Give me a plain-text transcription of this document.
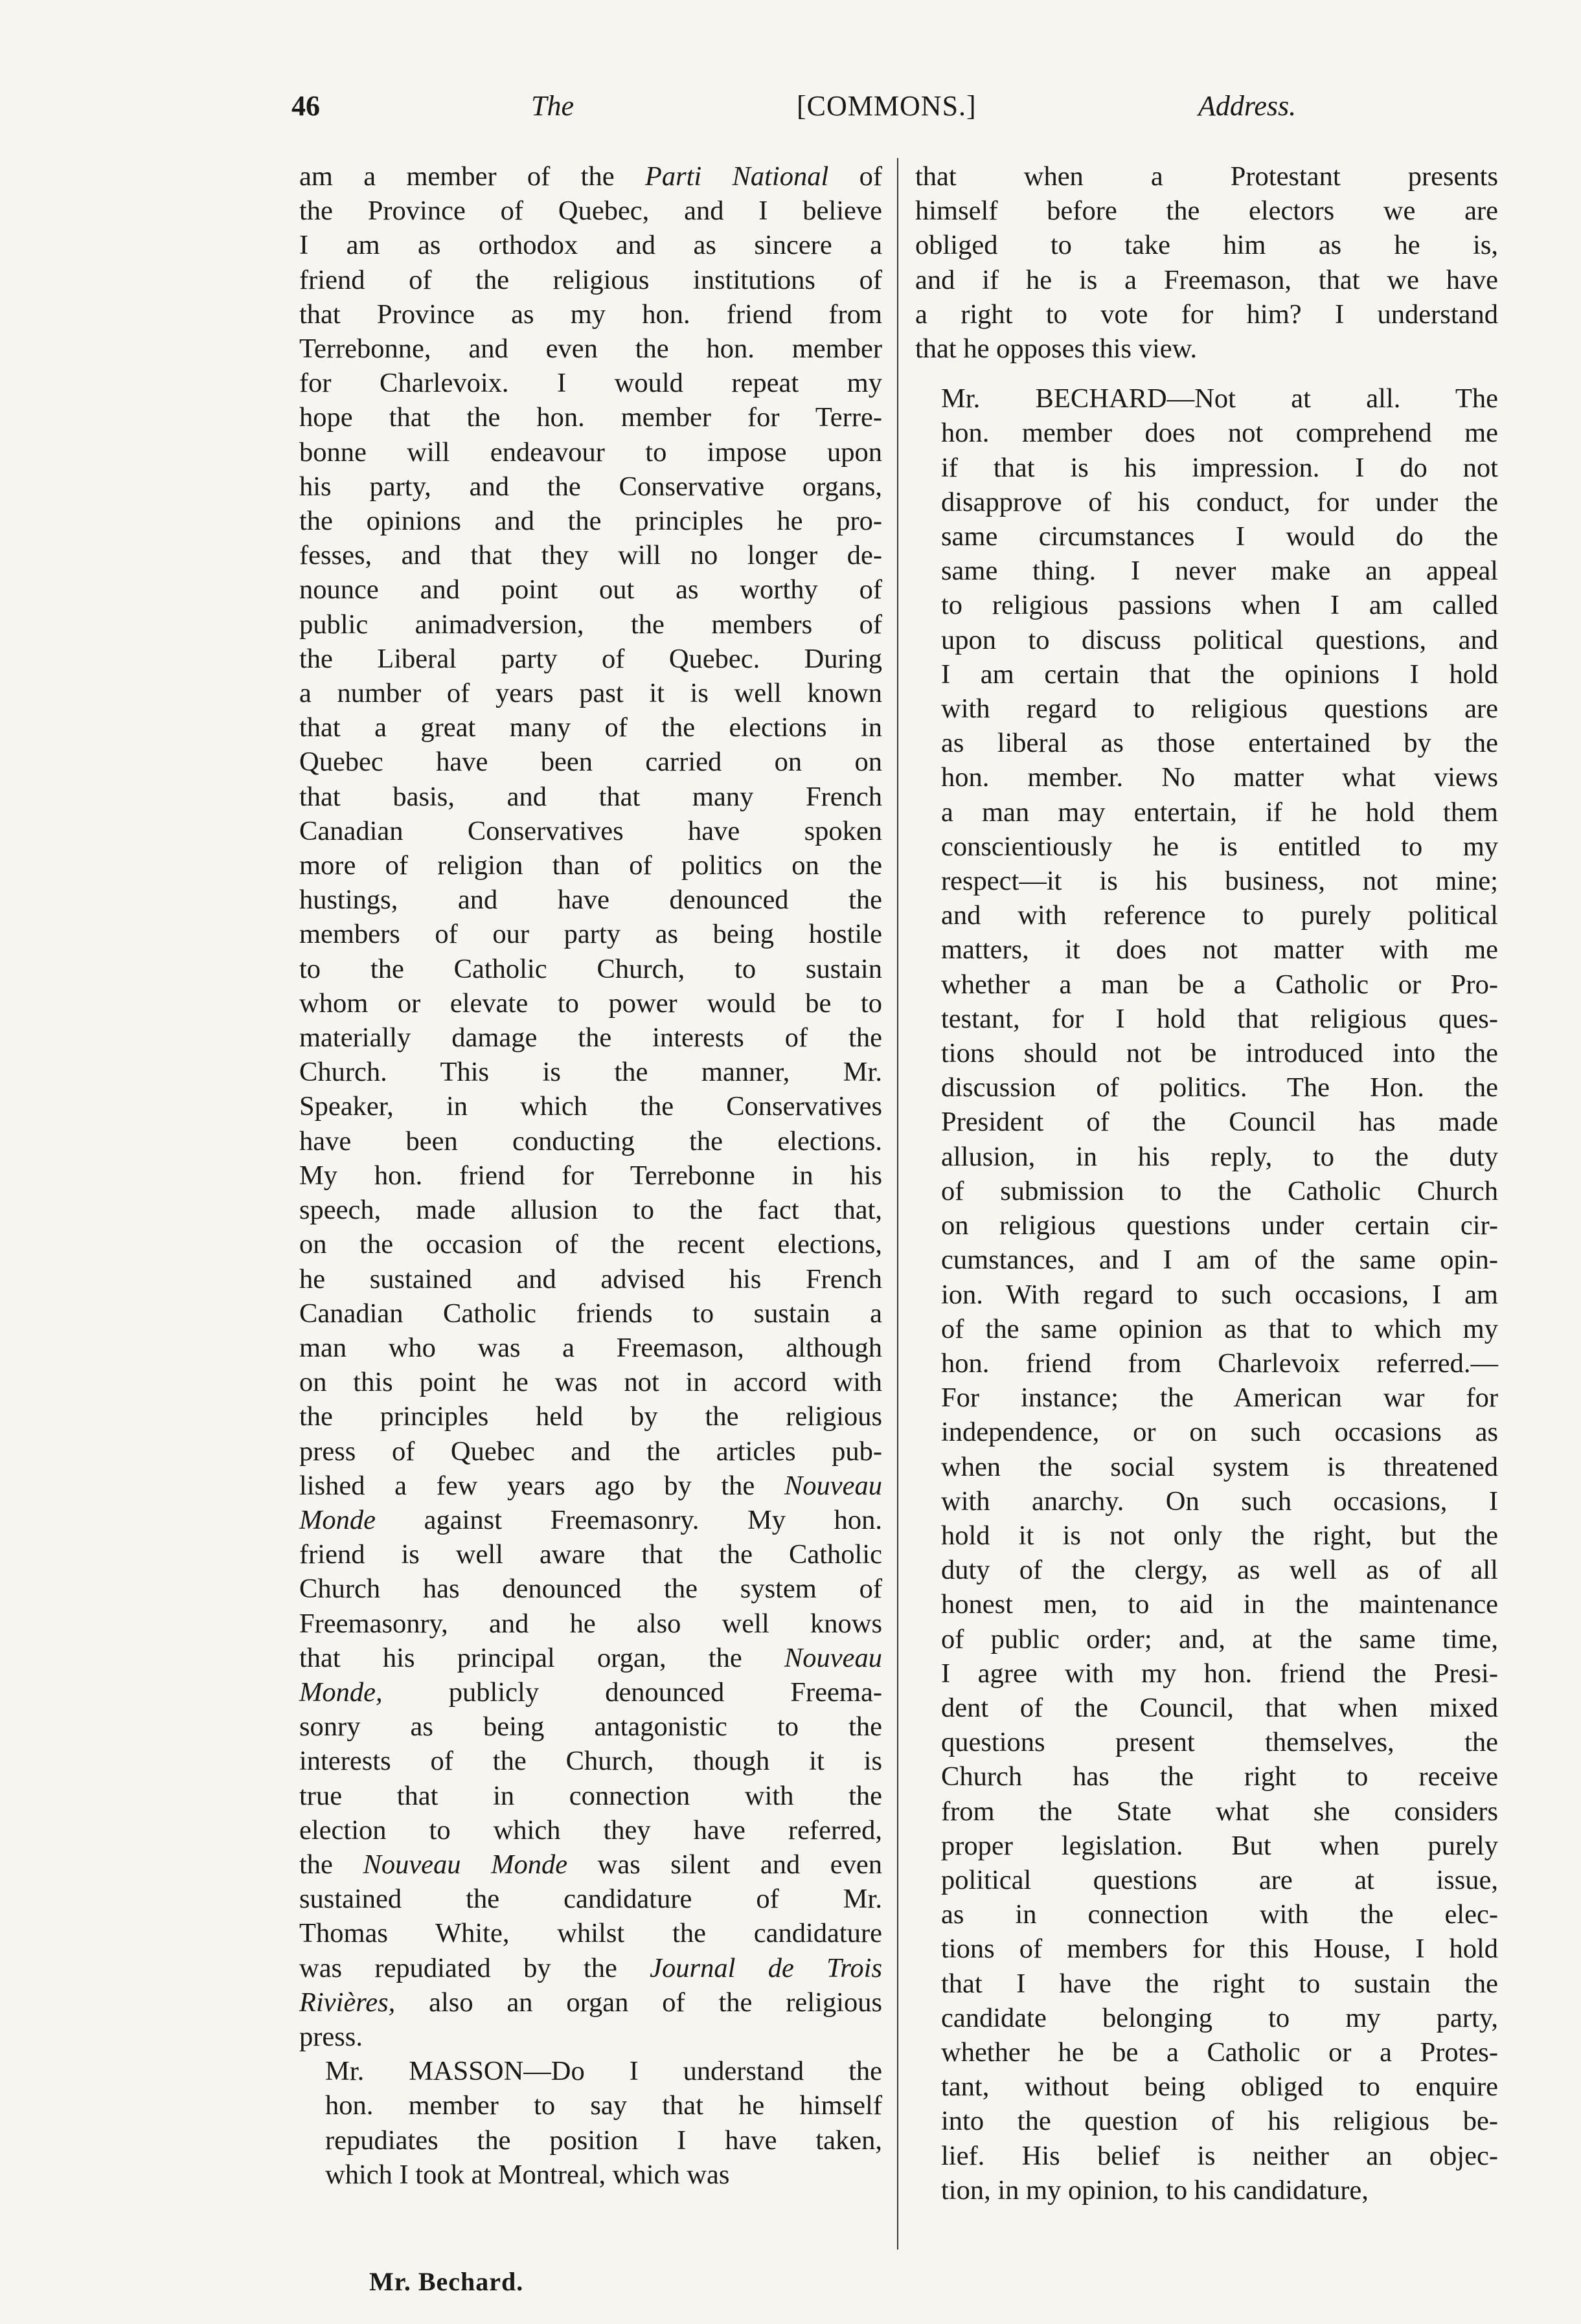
46	The	[COMMONS.]	Address.

am a member of the Parti National of
the Province of Quebec, and I believe
I am as orthodox and as sincere a
friend of the religious institutions of
that Province as my hon. friend from
Terrebonne, and even the hon. member
for Charlevoix. I would repeat my
hope that the hon. member for Terre-
bonne will endeavour to impose upon
his party, and the Conservative organs,
the opinions and the principles he pro-
fesses, and that they will no longer de-
nounce and point out as worthy of
public animadversion, the members of
the Liberal party of Quebec. During
a number of years past it is well known
that a great many of the elections in
Quebec have been carried on on
that basis, and that many French
Canadian Conservatives have spoken
more of religion than of politics on the
hustings, and have denounced the
members of our party as being hostile
to the Catholic Church, to sustain
whom or elevate to power would be to
materially damage the interests of the
Church. This is the manner, Mr.
Speaker, in which the Conservatives
have been conducting the elections.
My hon. friend for Terrebonne in his
speech, made allusion to the fact that,
on the occasion of the recent elections,
he sustained and advised his French
Canadian Catholic friends to sustain a
man who was a Freemason, although
on this point he was not in accord with
the principles held by the religious
press of Quebec and the articles pub-
lished a few years ago by the Nouveau
Monde against Freemasonry. My hon.
friend is well aware that the Catholic
Church has denounced the system of
Freemasonry, and he also well knows
that his principal organ, the Nouveau
Monde, publicly denounced Freema-
sonry as being antagonistic to the
interests of the Church, though it is
true that in connection with the
election to which they have referred,
the Nouveau Monde was silent and even
sustained the candidature of Mr.
Thomas White, whilst the candidature
was repudiated by the Journal de Trois
Rivières, also an organ of the religious
press.

Mr. MASSON—Do I understand the
hon. member to say that he himself
repudiates the position I have taken,
which I took at Montreal, which was

that when a Protestant presents
himself before the electors we are
obliged to take him as he is,
and if he is a Freemason, that we have
a right to vote for him? I understand
that he opposes this view.

Mr. BECHARD—Not at all. The
hon. member does not comprehend me
if that is his impression. I do not
disapprove of his conduct, for under the
same circumstances I would do the
same thing. I never make an appeal
to religious passions when I am called
upon to discuss political questions, and
I am certain that the opinions I hold
with regard to religious questions are
as liberal as those entertained by the
hon. member. No matter what views
a man may entertain, if he hold them
conscientiously he is entitled to my
respect—it is his business, not mine;
and with reference to purely political
matters, it does not matter with me
whether a man be a Catholic or Pro-
testant, for I hold that religious ques-
tions should not be introduced into the
discussion of politics. The Hon. the
President of the Council has made
allusion, in his reply, to the duty
of submission to the Catholic Church
on religious questions under certain cir-
cumstances, and I am of the same opin-
ion. With regard to such occasions, I am
of the same opinion as that to which my
hon. friend from Charlevoix referred.—
For instance; the American war for
independence, or on such occasions as
when the social system is threatened
with anarchy. On such occasions, I
hold it is not only the right, but the
duty of the clergy, as well as of all
honest men, to aid in the maintenance
of public order; and, at the same time,
I agree with my hon. friend the Presi-
dent of the Council, that when mixed
questions present themselves, the
Church has the right to receive
from the State what she considers
proper legislation. But when purely
political questions are at issue,
as in connection with the elec-
tions of members for this House, I hold
that I have the right to sustain the
candidate belonging to my party,
whether he be a Catholic or a Protes-
tant, without being obliged to enquire
into the question of his religious be-
lief. His belief is neither an objec-
tion, in my opinion, to his candidature,

Mr. Bechard.
